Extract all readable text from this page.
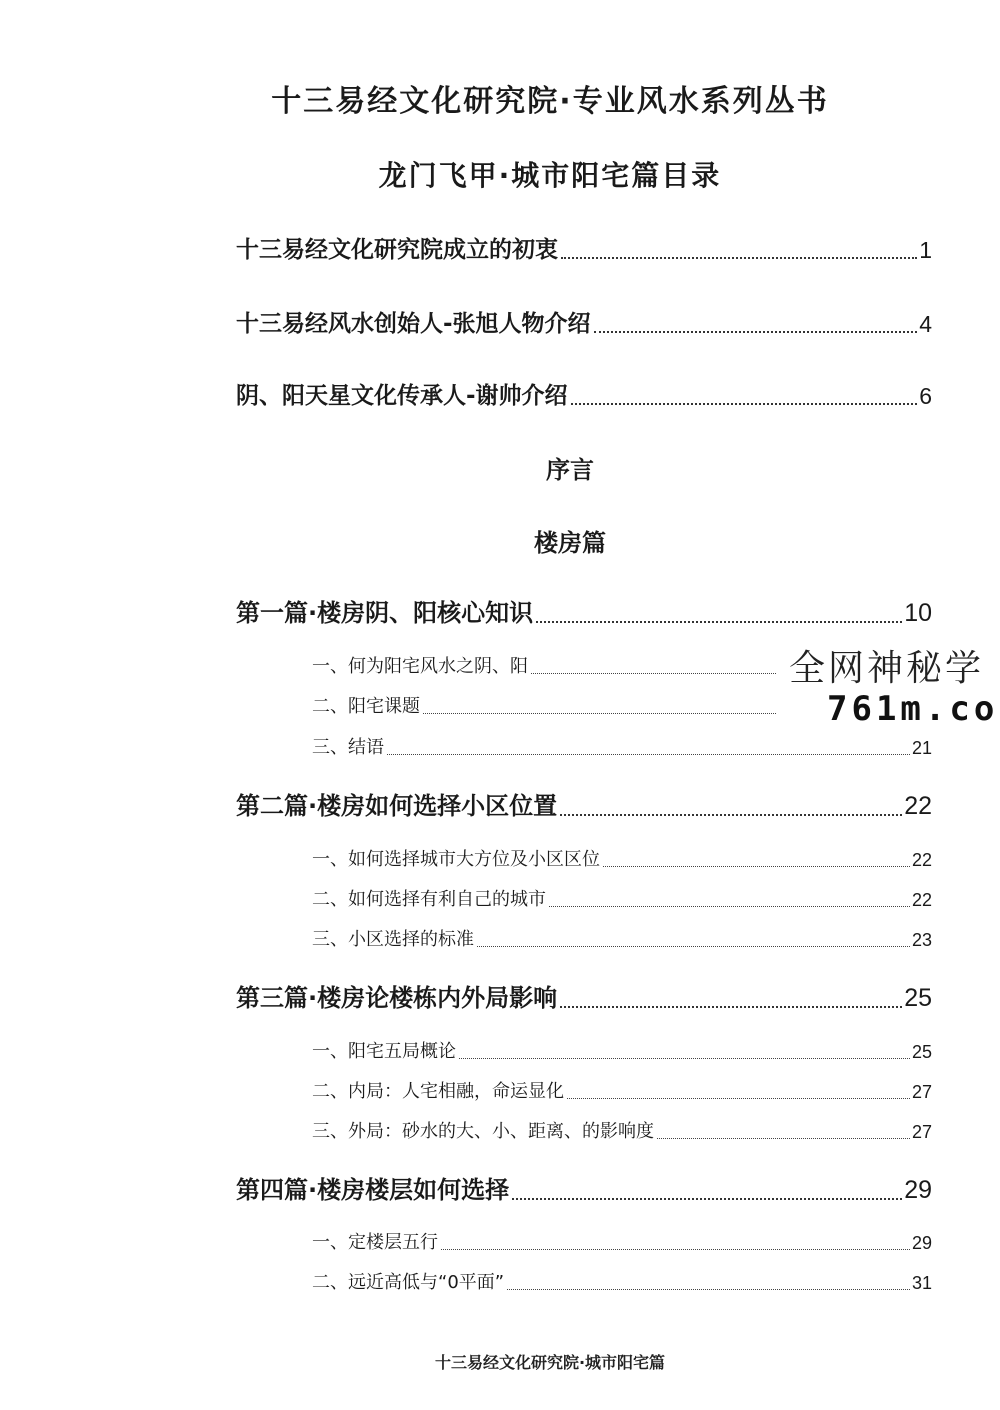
十三易经文化研究院·专业风水系列丛书
龙门飞甲·城市阳宅篇目录
十三易经文化研究院成立的初衷	1
十三易经风水创始人-张旭人物介绍	4
阴、阳天星文化传承人-谢帅介绍	6
序言
楼房篇
第一篇·楼房阴、阳核心知识	10
一、何为阳宅风水之阴、阳
二、阳宅课题
三、结语	21
第二篇·楼房如何选择小区位置	22
一、如何选择城市大方位及小区区位	22
二、如何选择有利自己的城市	22
三、小区选择的标准	23
第三篇·楼房论楼栋内外局影响	25
一、阳宅五局概论	25
二、内局：人宅相融，命运显化	27
三、外局：砂水的大、小、距离、的影响度	27
第四篇·楼房楼层如何选择	29
一、定楼层五行	29
二、远近高低与“0平面”	31
全网神秘学
761m.co
十三易经文化研究院·城市阳宅篇
